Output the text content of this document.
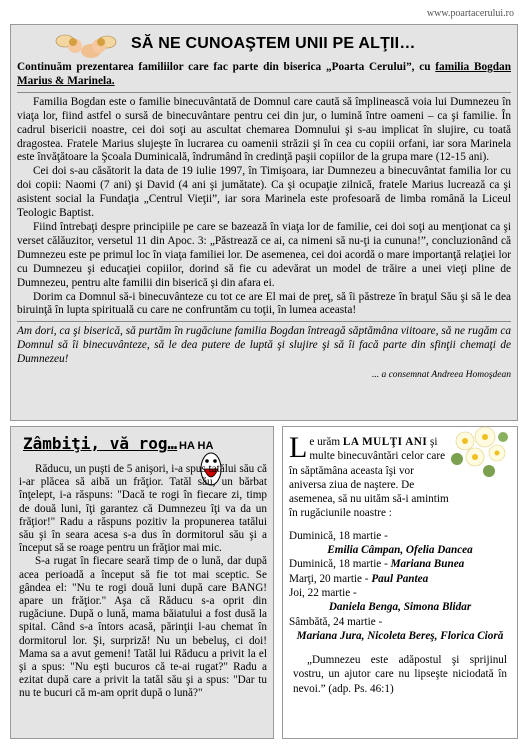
www.poartacerului.ro
SĂ NE CUNOAŞTEM UNII PE ALŢII…

Continuăm prezentarea familiilor care fac parte din biserica „Poarta Cerului”, cu familia Bogdan Marius & Marinela.

Familia Bogdan este o familie binecuvântată de Domnul care caută să împlinească voia lui Dumnezeu în viaţa lor, fiind astfel o sursă de binecuvântare pentru cei din jur, o lumină între oameni – ca şi familie. În cadrul bisericii noastre, cei doi soţi au ascultat chemarea Domnului şi s-au implicat în slujire, cu toată dragostea. Fratele Marius slujeşte în lucrarea cu oamenii străzii şi în cea cu copiii orfani, iar sora Marinela este învăţătoare la Şcoala Duminicală, îndrumând în credinţă paşii copiilor de la grupa mare (12-15 ani).

Cei doi s-au căsătorit la data de 19 iulie 1997, în Timişoara, iar Dumnezeu a binecuvântat familia lor cu doi copii: Naomi (7 ani) şi David (4 ani şi jumătate). Ca şi ocupaţie zilnică, fratele Marius lucrează ca şi asistent social la Fundaţia „Centrul Vieţii”, iar sora Marinela este profesoară de limba română la Liceul Teologic Baptist.

Fiind întrebaţi despre principiile pe care se bazează în viaţa lor de familie, cei doi soţi au menţionat ca şi verset călăuzitor, versetul 11 din Apoc. 3: „Păstrează ce ai, ca nimeni să nu-ţi ia cununa!”, concluzionând că Dumnezeu este pe primul loc în viaţa familiei lor. De asemenea, cei doi acordă o mare importanţă relaţiei lor cu Dumnezeu şi educaţiei copiilor, dorind să fie cu adevărat un model de trăire a unei vieţi pline de Dumnezeu, pentru alte familii din biserică şi din afara ei.

Dorim ca Domnul să-i binecuvânteze cu tot ce are El mai de preţ, să îi păstreze în braţul Său şi să le dea biruinţă în lupta spirituală cu care ne confruntăm cu toţii, în lumea aceasta!

Am dori, ca şi biserică, să purtăm în rugăciune familia Bogdan întreagă săptămâna viitoare, să ne rugăm ca Domnul să îi binecuvânteze, să le dea putere de luptă şi slujire şi să îi facă parte din sfinţii chemaţi de Dumnezeu!

... a consemnat Andreea Homoşdean

Zâmbiţi, vă rog… HA HA

Răducu, un puşti de 5 anişori, i-a spus tatălui său că i-ar plăcea să aibă un frăţior. Tatăl său, un bărbat înţelept, i-a răspuns: "Dacă te rogi în fiecare zi, timp de două luni, îţi garantez că Dumnezeu îţi va da un frăţior!" Radu a răspuns pozitiv la propunerea tatălui său şi în seara acesa s-a dus în dormitorul său şi a început să se roage pentru un frăţior mai mic.

S-a rugat în fiecare seară timp de o lună, dar după acea perioadă a început să fie tot mai sceptic. Se gândea el: "Nu te rogi două luni după care BANG! apare un frăţior." Aşa că Răducu s-a oprit din rugăciune. După o lună, mama băiatului a fost dusă la spital. Când s-a întors acasă, părinţii l-au chemat în dormitorul lor. Şi, surpriză! Nu un bebeluş, ci doi! Mama sa a avut gemeni! Tatăl lui Răducu a privit la el şi a spus: "Nu eşti bucuros că te-ai rugat?" Radu a ezitat după care a privit la tatăl său şi a spus: "Dar tu nu te bucuri că m-am oprit după o lună?"

Le urăm LA MULŢI ANI şi multe binecuvântări celor care în săptămâna aceasta îşi vor aniversa ziua de naştere. De asemenea, să nu uităm să-i amintim în rugăciunile noastre :

Duminică, 18 martie -

Emilia Câmpan, Ofelia Dancea

Duminică, 18 martie - Mariana Bunea

Marţi, 20 martie - Paul Pantea

Joi, 22 martie -

Daniela Benga, Simona Blidar

Sâmbătă, 24 martie -

Mariana Jura, Nicoleta Bereş, Florica Cioră

„Dumnezeu este adăpostul şi sprijinul vostru, un ajutor care nu lipseşte niciodată în nevoi.” (adp. Ps. 46:1)
